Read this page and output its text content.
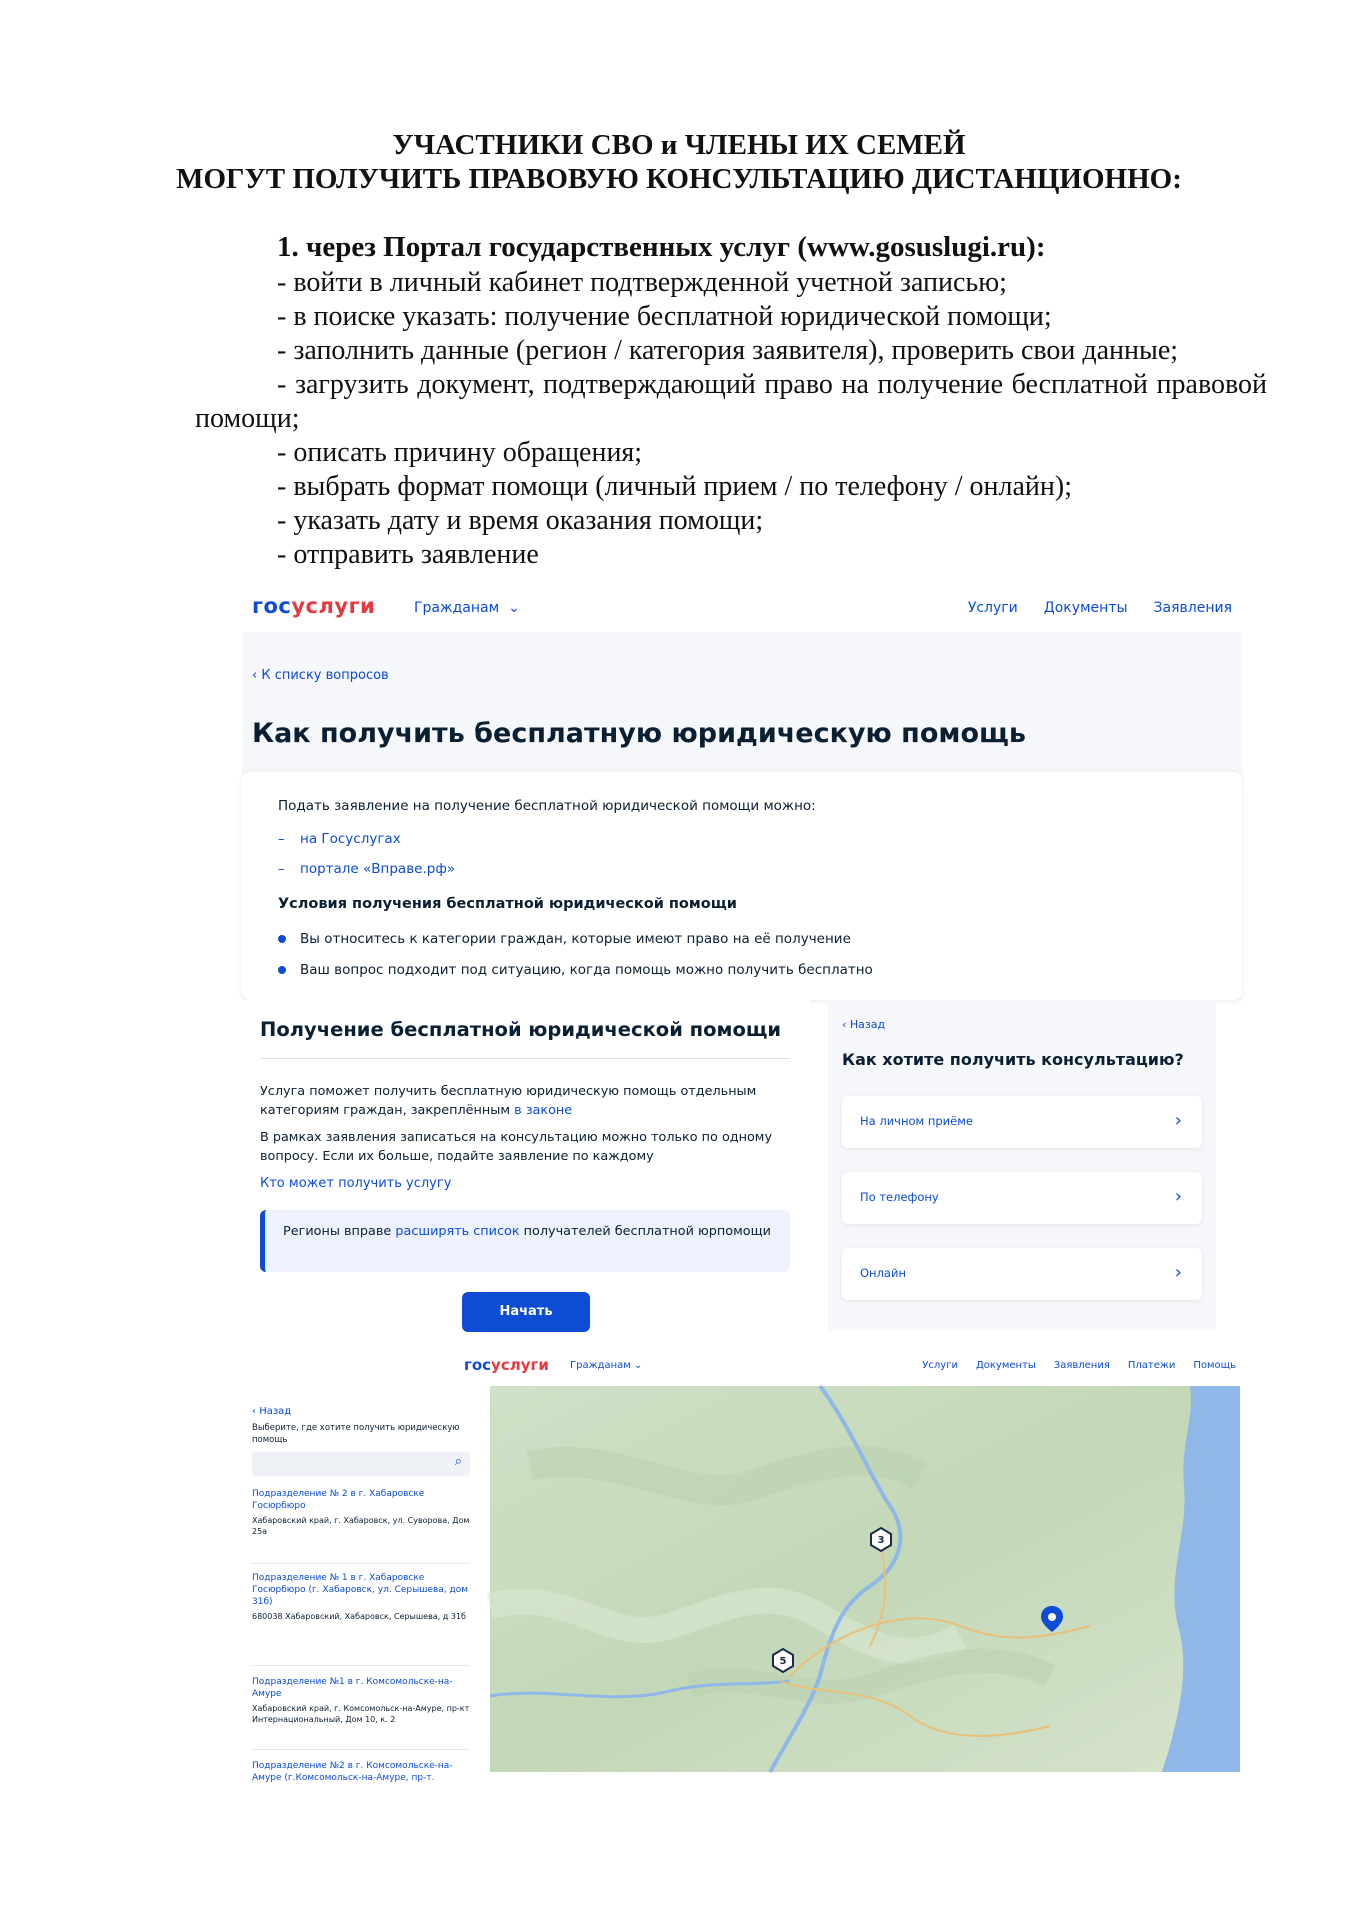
УЧАСТНИКИ СВО и ЧЛЕНЫ ИХ СЕМЕЙ
МОГУТ ПОЛУЧИТЬ ПРАВОВУЮ КОНСУЛЬТАЦИЮ ДИСТАНЦИОННО:
1. через Портал государственных услуг (www.gosuslugi.ru):
- войти в личный кабинет подтвержденной учетной записью;
- в поиске указать: получение бесплатной юридической помощи;
- заполнить данные (регион / категория заявителя), проверить свои данные;
- загрузить документ, подтверждающий право на получение бесплатной правовой помощи;
- описать причину обращения;
- выбрать формат помощи (личный прием / по телефону / онлайн);
- указать дату и время оказания помощи;
- отправить заявление
госуслуги	Гражданам  ⌄	Услуги Документы Заявления
‹ К списку вопросов
Как получить бесплатную юридическую помощь
Подать заявление на получение бесплатной юридической помощи можно:
– на Госуслугах
– портале «Вправе.рф»
Условия получения бесплатной юридической помощи
Вы относитесь к категории граждан, которые имеют право на её получение
Ваш вопрос подходит под ситуацию, когда помощь можно получить бесплатно
Получение бесплатной юридической помощи
Услуга поможет получить бесплатную юридическую помощь отдельным категориям граждан, закреплённым в законе
В рамках заявления записаться на консультацию можно только по одному вопросу. Если их больше, подайте заявление по каждому
Кто может получить услугу
Регионы вправе расширять список получателей бесплатной юрпомощи
Начать
‹ Назад
Как хотите получить консультацию?
На личном приёме	›
По телефону	›
Онлайн	›
госуслуги Гражданам ⌄	Услуги Документы Заявления Платежи Помощь
‹ Назад
Выберите, где хотите получить юридическую помощь
⌕
Подразделение № 2 в г. Хабаровске Госюрбюро
Хабаровский край, г. Хабаровск, ул. Суворова, Дом 25а
Подразделение № 1 в г. Хабаровске Госюрбюро (г. Хабаровск, ул. Серышева, дом 31б)
680038 Хабаровский, Хабаровск, Серышева, д 31б
Подразделение №1 в г. Комсомольске-на-Амуре
Хабаровский край, г. Комсомольск-на-Амуре, пр-кт Интернациональный, Дом 10, к. 2
Подразделение №2 в г. Комсомольске-на-Амуре (г.Комсомольск-на-Амуре, пр-т.
3
5
